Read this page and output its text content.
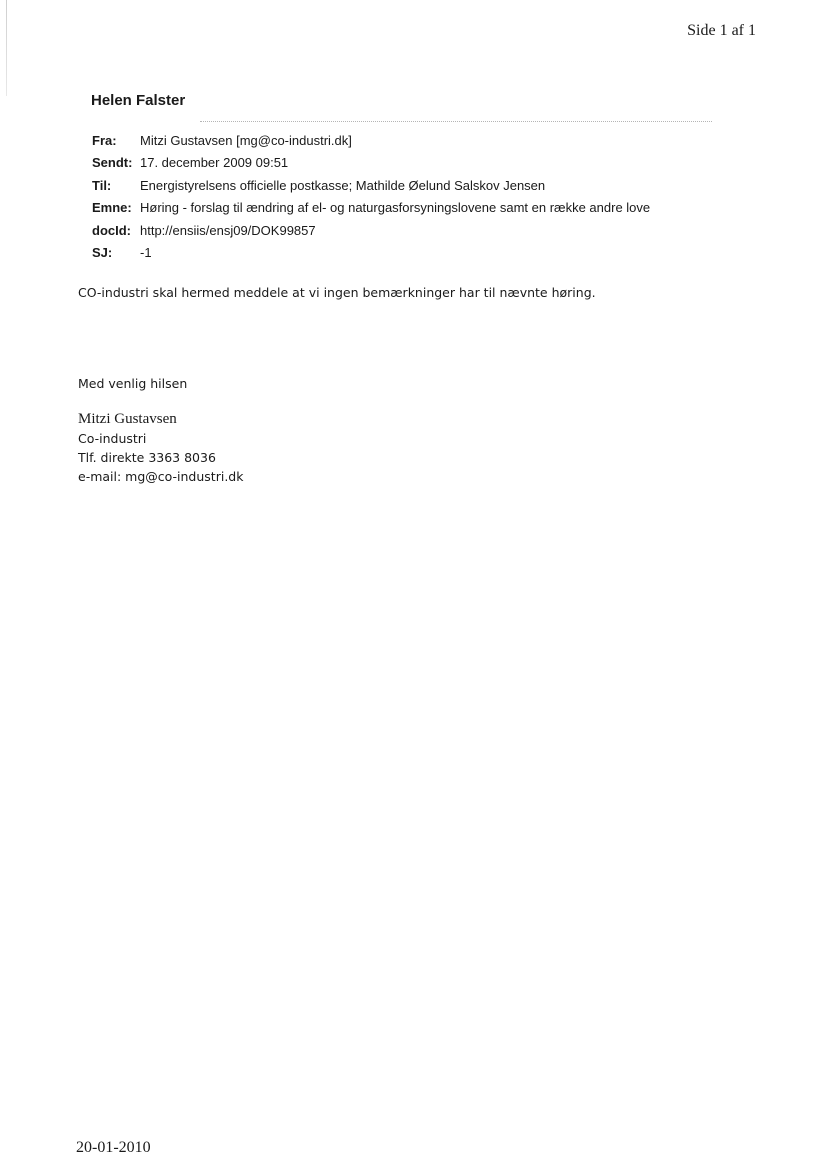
Side 1 af 1
Helen Falster
Fra: Mitzi Gustavsen [mg@co-industri.dk]
Sendt: 17. december 2009 09:51
Til: Energistyrelsens officielle postkasse; Mathilde Øelund Salskov Jensen
Emne: Høring - forslag til ændring af el- og naturgasforsyningslovene samt en række andre love
docId: http://ensiis/ensj09/DOK99857
SJ: -1
CO-industri skal hermed meddele at vi ingen bemærkninger har til nævnte høring.
Med venlig hilsen
Mitzi Gustavsen
Co-industri
Tlf. direkte 3363 8036
e-mail: mg@co-industri.dk
20-01-2010
